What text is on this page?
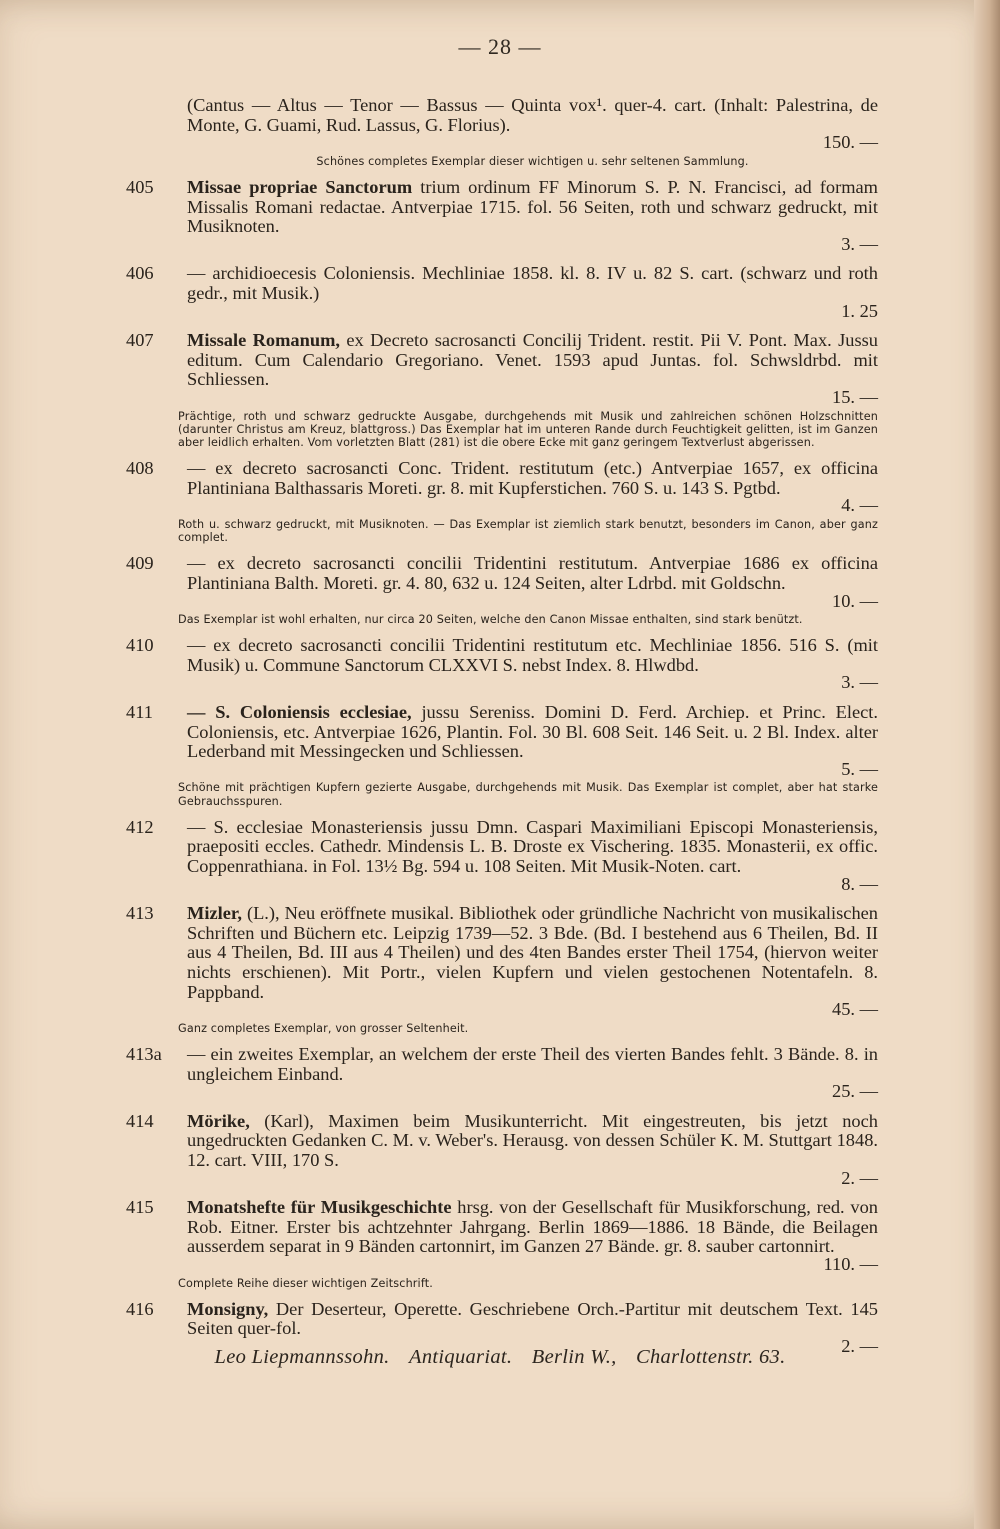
— 28 —
(Cantus — Altus — Tenor — Bassus — Quinta vox¹. quer-4. cart. (Inhalt: Palestrina, de Monte, G. Guami, Rud. Lassus, G. Florius).
150. —
Schönes completes Exemplar dieser wichtigen u. sehr seltenen Sammlung.
405	Missae propriae Sanctorum trium ordinum FF Minorum S. P. N. Francisci, ad formam Missalis Romani redactae. Antverpiae 1715. fol. 56 Seiten, roth und schwarz gedruckt, mit Musiknoten.
3. —
406	— archidioecesis Coloniensis. Mechliniae 1858. kl. 8. IV u. 82 S. cart. (schwarz und roth gedr., mit Musik.)
1. 25
407	Missale Romanum, ex Decreto sacrosancti Concilij Trident. restit. Pii V. Pont. Max. Jussu editum. Cum Calendario Gregoriano. Venet. 1593 apud Juntas. fol. Schwsldrbd. mit Schliessen.
15. —
Prächtige, roth und schwarz gedruckte Ausgabe, durchgehends mit Musik und zahlreichen schönen Holzschnitten (darunter Christus am Kreuz, blattgross.) Das Exemplar hat im unteren Rande durch Feuchtigkeit gelitten, ist im Ganzen aber leidlich erhalten. Vom vorletzten Blatt (281) ist die obere Ecke mit ganz geringem Textverlust abgerissen.
408	— ex decreto sacrosancti Conc. Trident. restitutum (etc.) Antverpiae 1657, ex officina Plantiniana Balthassaris Moreti. gr. 8. mit Kupferstichen. 760 S. u. 143 S. Pgtbd.
4. —
Roth u. schwarz gedruckt, mit Musiknoten. — Das Exemplar ist ziemlich stark benutzt, besonders im Canon, aber ganz complet.
409	— ex decreto sacrosancti concilii Tridentini restitutum. Antverpiae 1686 ex officina Plantiniana Balth. Moreti. gr. 4. 80, 632 u. 124 Seiten, alter Ldrbd. mit Goldschn.
10. —
Das Exemplar ist wohl erhalten, nur circa 20 Seiten, welche den Canon Missae enthalten, sind stark benützt.
410	— ex decreto sacrosancti concilii Tridentini restitutum etc. Mechliniae 1856. 516 S. (mit Musik) u. Commune Sanctorum CLXXVI S. nebst Index. 8. Hlwdbd.
3. —
411	— S. Coloniensis ecclesiae, jussu Sereniss. Domini D. Ferd. Archiep. et Princ. Elect. Coloniensis, etc. Antverpiae 1626, Plantin. Fol. 30 Bl. 608 Seit. 146 Seit. u. 2 Bl. Index. alter Lederband mit Messingecken und Schliessen.
5. —
Schöne mit prächtigen Kupfern gezierte Ausgabe, durchgehends mit Musik. Das Exemplar ist complet, aber hat starke Gebrauchsspuren.
412	— S. ecclesiae Monasteriensis jussu Dmn. Caspari Maximiliani Episcopi Monasteriensis, praepositi eccles. Cathedr. Mindensis L. B. Droste ex Vischering. 1835. Monasterii, ex offic. Coppenrathiana. in Fol. 13½ Bg. 594 u. 108 Seiten. Mit Musik-Noten. cart.
8. —
413	Mizler, (L.), Neu eröffnete musikal. Bibliothek oder gründliche Nachricht von musikalischen Schriften und Büchern etc. Leipzig 1739—52. 3 Bde. (Bd. I bestehend aus 6 Theilen, Bd. II aus 4 Theilen, Bd. III aus 4 Theilen) und des 4ten Bandes erster Theil 1754, (hiervon weiter nichts erschienen). Mit Portr., vielen Kupfern und vielen gestochenen Notentafeln. 8. Pappband.
45. —
Ganz completes Exemplar, von grosser Seltenheit.
413a	— ein zweites Exemplar, an welchem der erste Theil des vierten Bandes fehlt. 3 Bände. 8. in ungleichem Einband.
25. —
414	Mörike, (Karl), Maximen beim Musikunterricht. Mit eingestreuten, bis jetzt noch ungedruckten Gedanken C. M. v. Weber's. Herausg. von dessen Schüler K. M. Stuttgart 1848. 12. cart. VIII, 170 S.
2. —
415	Monatshefte für Musikgeschichte hrsg. von der Gesellschaft für Musikforschung, red. von Rob. Eitner. Erster bis achtzehnter Jahrgang. Berlin 1869—1886. 18 Bände, die Beilagen ausserdem separat in 9 Bänden cartonnirt, im Ganzen 27 Bände. gr. 8. sauber cartonnirt.
110. —
Complete Reihe dieser wichtigen Zeitschrift.
416	Monsigny, Der Deserteur, Operette. Geschriebene Orch.-Partitur mit deutschem Text. 145 Seiten quer-fol.
2. —
Leo Liepmannssohn. Antiquariat. Berlin W., Charlottenstr. 63.
